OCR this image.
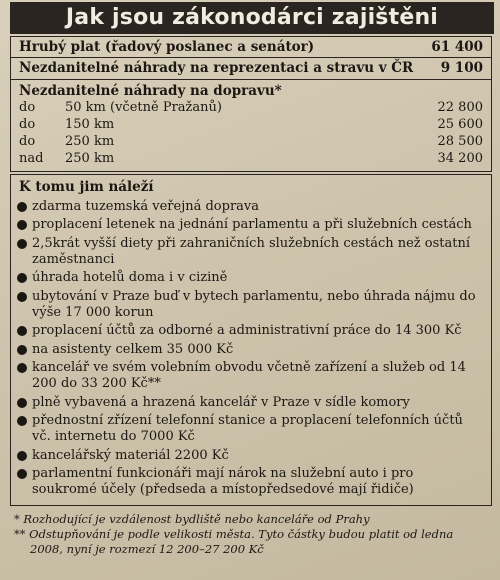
Jak jsou zákonodárci zajištěni
Hrubý plat (řadový poslanec a senátor)	61 400
Nezdanitelné náhrady na reprezentaci a stravu v ČR 9 100
Nezdanitelné náhrady na dopravu*
do 50 km (včetně Pražanů)	22 800
do 150 km	25 600
do 250 km	28 500
nad 250 km	34 200
K tomu jim náleží
zdarma tuzemská veřejná doprava
proplacení letenek na jednání parlamentu a při služebních cestách
2,5krát vyšší diety při zahraničních služebních cestách než ostatní zaměstnanci
úhrada hotelů doma i v cizině
ubytování v Praze buď v bytech parlamentu, nebo úhrada nájmu do výše 17 000 korun
proplacení účtů za odborné a administrativní práce do 14 300 Kč
na asistenty celkem 35 000 Kč
kancelář ve svém volebním obvodu včetně zařízení a služeb od 14 200 do 33 200 Kč**
plně vybavená a hrazená kancelář v Praze v sídle komory
přednostní zřízení telefonní stanice a proplacení telefonních účtů vč. internetu do 7000 Kč
kancelářský materiál 2200 Kč
parlamentní funkcionáři mají nárok na služební auto i pro soukromé účely (předseda a místopředsedové mají řidiče)

* Rozhodující je vzdálenost bydliště nebo kanceláře od Prahy

** Odstupňování je podle velikosti města. Tyto částky budou platit od ledna 2008, nyní je rozmezí 12 200–27 200 Kč
